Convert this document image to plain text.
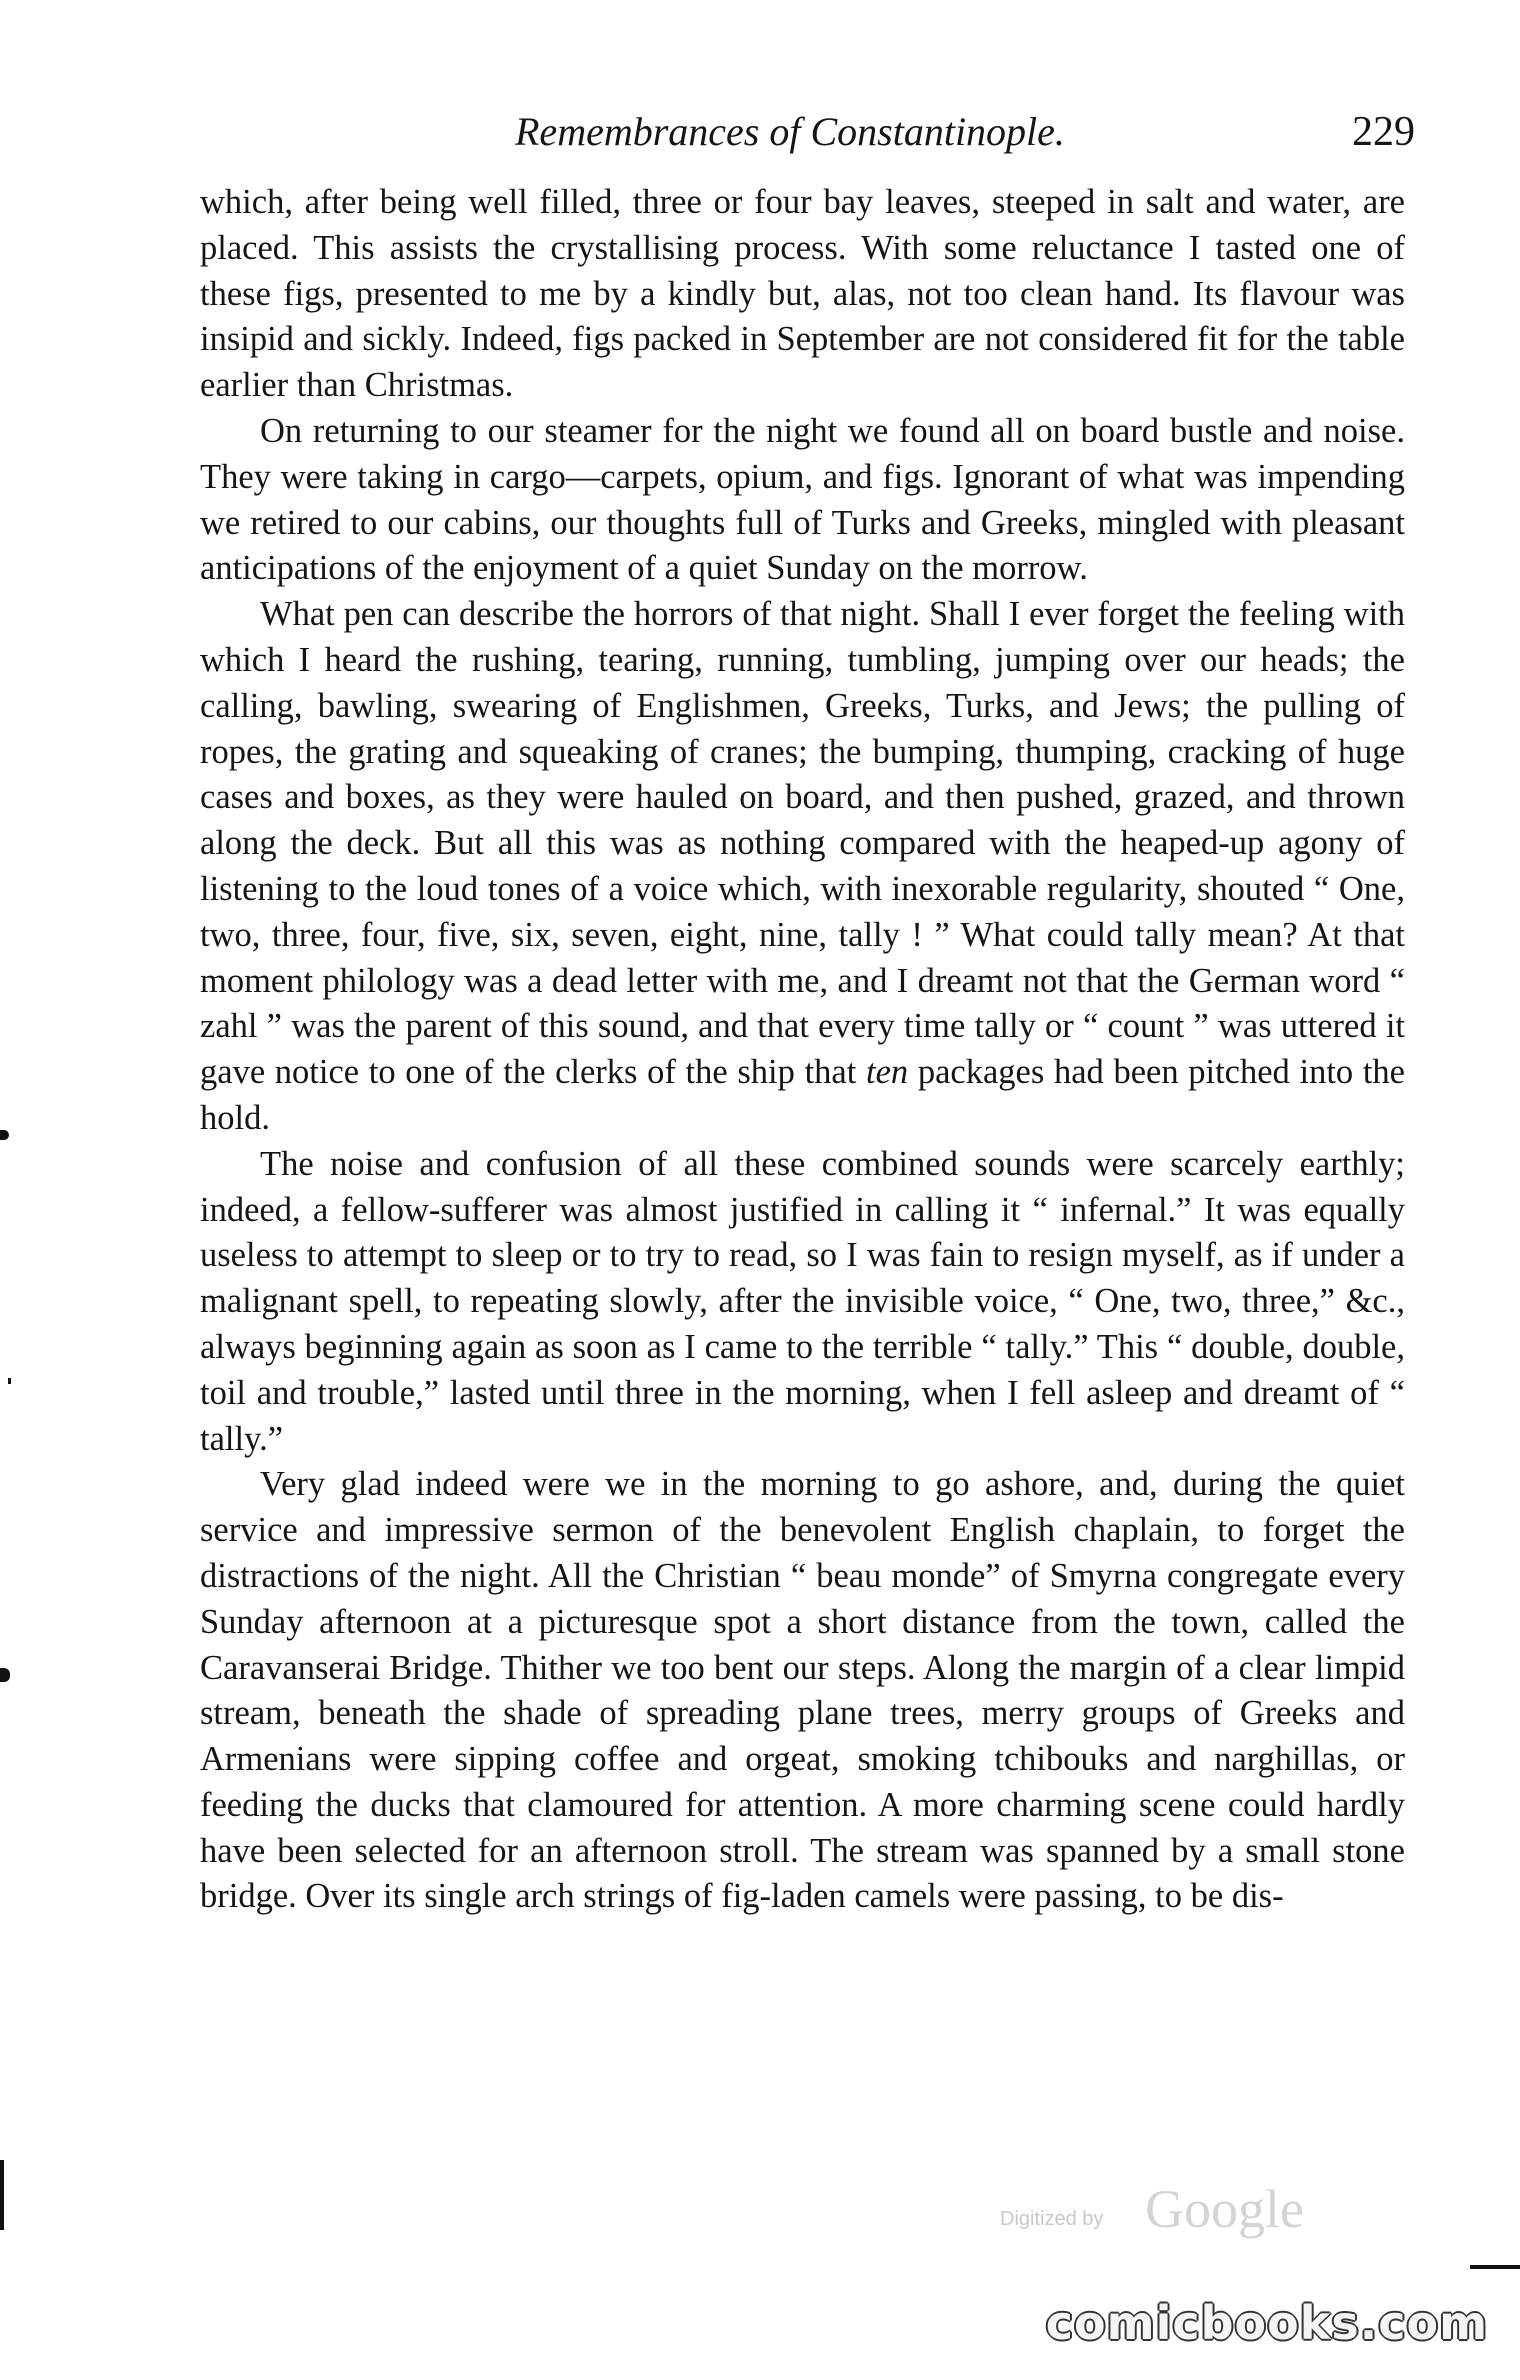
Remembrances of Constantinople.	229

which, after being well filled, three or four bay leaves, steeped in salt and water, are placed. This assists the crystallising process. With some reluctance I tasted one of these figs, presented to me by a kindly but, alas, not too clean hand. Its flavour was insipid and sickly. Indeed, figs packed in September are not considered fit for the table earlier than Christmas.

On returning to our steamer for the night we found all on board bustle and noise. They were taking in cargo—carpets, opium, and figs. Ignorant of what was impending we retired to our cabins, our thoughts full of Turks and Greeks, mingled with pleasant anticipations of the enjoyment of a quiet Sunday on the morrow.

What pen can describe the horrors of that night. Shall I ever forget the feeling with which I heard the rushing, tearing, running, tumbling, jumping over our heads; the calling, bawling, swearing of Englishmen, Greeks, Turks, and Jews; the pulling of ropes, the grating and squeaking of cranes; the bumping, thumping, cracking of huge cases and boxes, as they were hauled on board, and then pushed, grazed, and thrown along the deck. But all this was as nothing compared with the heaped-up agony of listening to the loud tones of a voice which, with inexorable regularity, shouted “ One, two, three, four, five, six, seven, eight, nine, tally ! ” What could tally mean? At that moment philology was a dead letter with me, and I dreamt not that the German word “ zahl ” was the parent of this sound, and that every time tally or “ count ” was uttered it gave notice to one of the clerks of the ship that ten packages had been pitched into the hold.

The noise and confusion of all these combined sounds were scarcely earthly; indeed, a fellow-sufferer was almost justified in calling it “ infernal.” It was equally useless to attempt to sleep or to try to read, so I was fain to resign myself, as if under a malignant spell, to repeating slowly, after the invisible voice, “ One, two, three,” &c., always beginning again as soon as I came to the terrible “ tally.” This “ double, double, toil and trouble,” lasted until three in the morning, when I fell asleep and dreamt of “ tally.”

Very glad indeed were we in the morning to go ashore, and, during the quiet service and impressive sermon of the benevolent English chaplain, to forget the distractions of the night. All the Christian “ beau monde” of Smyrna congregate every Sunday afternoon at a picturesque spot a short distance from the town, called the Caravanserai Bridge. Thither we too bent our steps. Along the margin of a clear limpid stream, beneath the shade of spreading plane trees, merry groups of Greeks and Armenians were sipping coffee and orgeat, smoking tchibouks and narghillas, or feeding the ducks that clamoured for attention. A more charming scene could hardly have been selected for an afternoon stroll. The stream was spanned by a small stone bridge. Over its single arch strings of fig-laden camels were passing, to be dis-

Digitized by Google
comicbooks.com
